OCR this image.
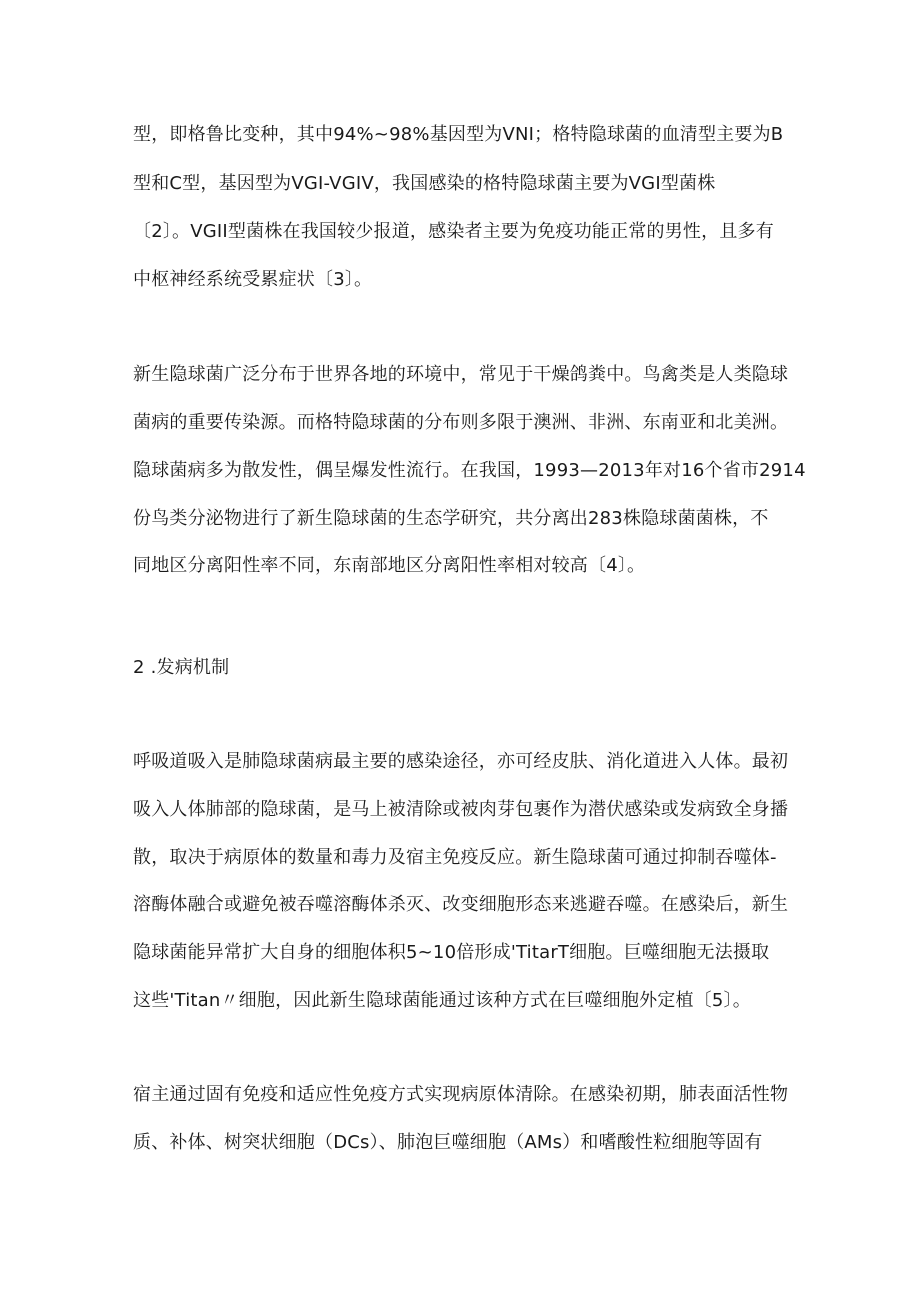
型，即格鲁比变种，其中94%~98%基因型为VNI；格特隐球菌的血清型主要为B
型和C型，基因型为VGI-VGIV，我国感染的格特隐球菌主要为VGI型菌株
〔2〕。VGII型菌株在我国较少报道，感染者主要为免疫功能正常的男性，且多有
中枢神经系统受累症状〔3〕。
新生隐球菌广泛分布于世界各地的环境中，常见于干燥鸽粪中。鸟禽类是人类隐球
菌病的重要传染源。而格特隐球菌的分布则多限于澳洲、非洲、东南亚和北美洲。
隐球菌病多为散发性，偶呈爆发性流行。在我国，1993—2013年对16个省市2914
份鸟类分泌物进行了新生隐球菌的生态学研究，共分离出283株隐球菌菌株，不
同地区分离阳性率不同，东南部地区分离阳性率相对较高〔4〕。
2 .发病机制
呼吸道吸入是肺隐球菌病最主要的感染途径，亦可经皮肤、消化道进入人体。最初
吸入人体肺部的隐球菌，是马上被清除或被肉芽包裹作为潜伏感染或发病致全身播
散，取决于病原体的数量和毒力及宿主免疫反应。新生隐球菌可通过抑制吞噬体-
溶酶体融合或避免被吞噬溶酶体杀灭、改变细胞形态来逃避吞噬。在感染后，新生
隐球菌能异常扩大自身的细胞体积5~10倍形成'TitarT细胞。巨噬细胞无法摄取
这些'Titan〃细胞，因此新生隐球菌能通过该种方式在巨噬细胞外定植〔5〕。
宿主通过固有免疫和适应性免疫方式实现病原体清除。在感染初期，肺表面活性物
质、补体、树突状细胞（DCs）、肺泡巨噬细胞（AMs）和嗜酸性粒细胞等固有
